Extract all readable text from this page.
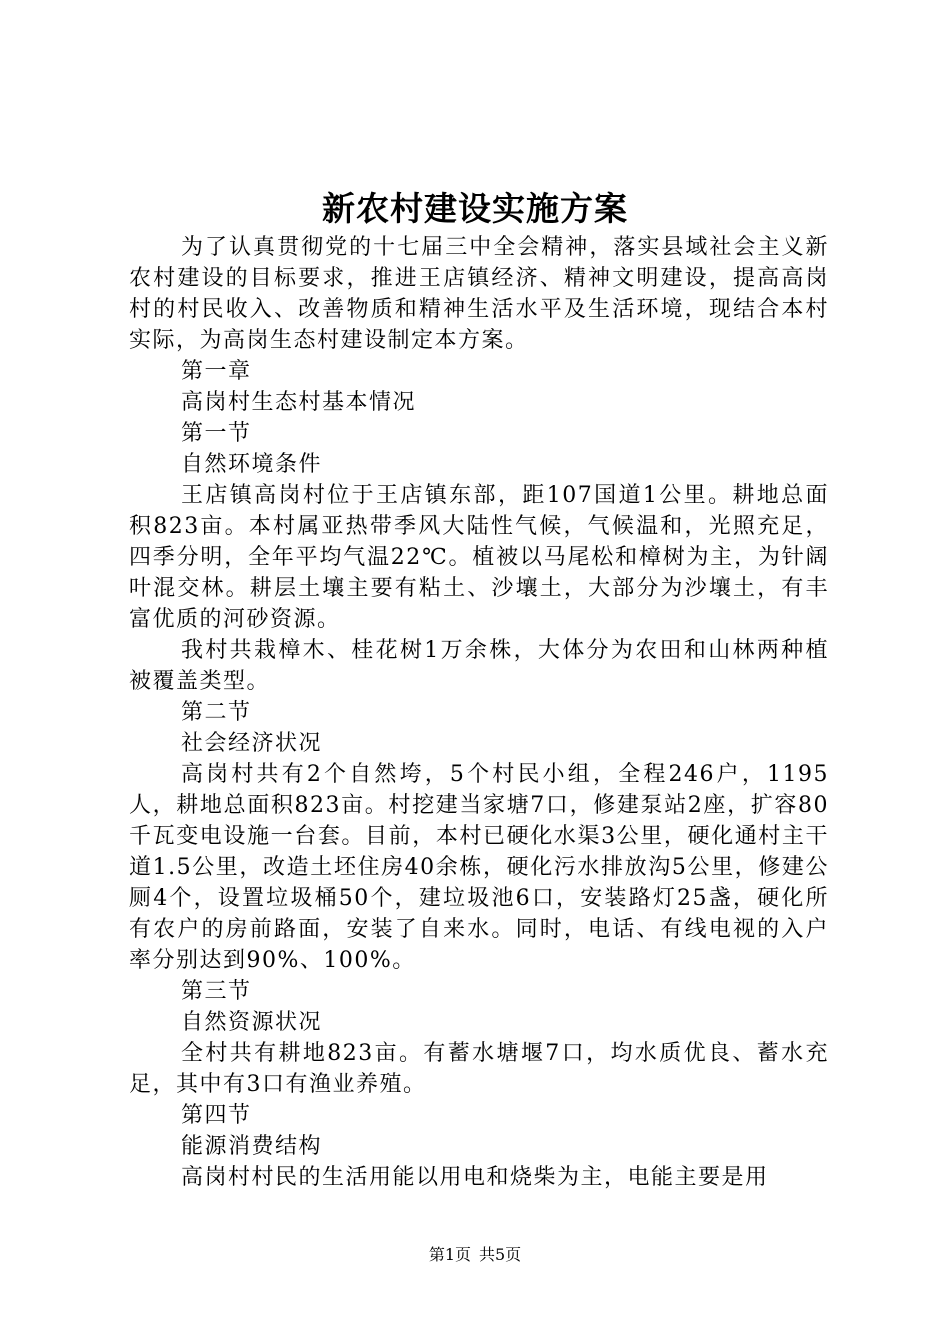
新农村建设实施方案

为了认真贯彻党的十七届三中全会精神，落实县域社会主义新农村建设的目标要求，推进王店镇经济、精神文明建设，提高高岗村的村民收入、改善物质和精神生活水平及生活环境，现结合本村实际，为高岗生态村建设制定本方案。

第一章

高岗村生态村基本情况

第一节

自然环境条件

王店镇高岗村位于王店镇东部，距107国道1公里。耕地总面积823亩。本村属亚热带季风大陆性气候，气候温和，光照充足，四季分明，全年平均气温22℃。植被以马尾松和樟树为主，为针阔叶混交林。耕层土壤主要有粘土、沙壤土，大部分为沙壤土，有丰富优质的河砂资源。

我村共栽樟木、桂花树1万余株，大体分为农田和山林两种植被覆盖类型。

第二节

社会经济状况

高岗村共有2个自然垮，5个村民小组，全程246户，1195人，耕地总面积823亩。村挖建当家塘7口，修建泵站2座，扩容80千瓦变电设施一台套。目前，本村已硬化水渠3公里，硬化通村主干道1.5公里，改造土坯住房40余栋，硬化污水排放沟5公里，修建公厕4个，设置垃圾桶50个，建垃圾池6口，安装路灯25盏，硬化所有农户的房前路面，安装了自来水。同时，电话、有线电视的入户率分别达到90%、100%。

第三节

自然资源状况

全村共有耕地823亩。有蓄水塘堰7口，均水质优良、蓄水充足，其中有3口有渔业养殖。

第四节

能源消费结构

高岗村村民的生活用能以用电和烧柴为主，电能主要是用

第1页 共5页
